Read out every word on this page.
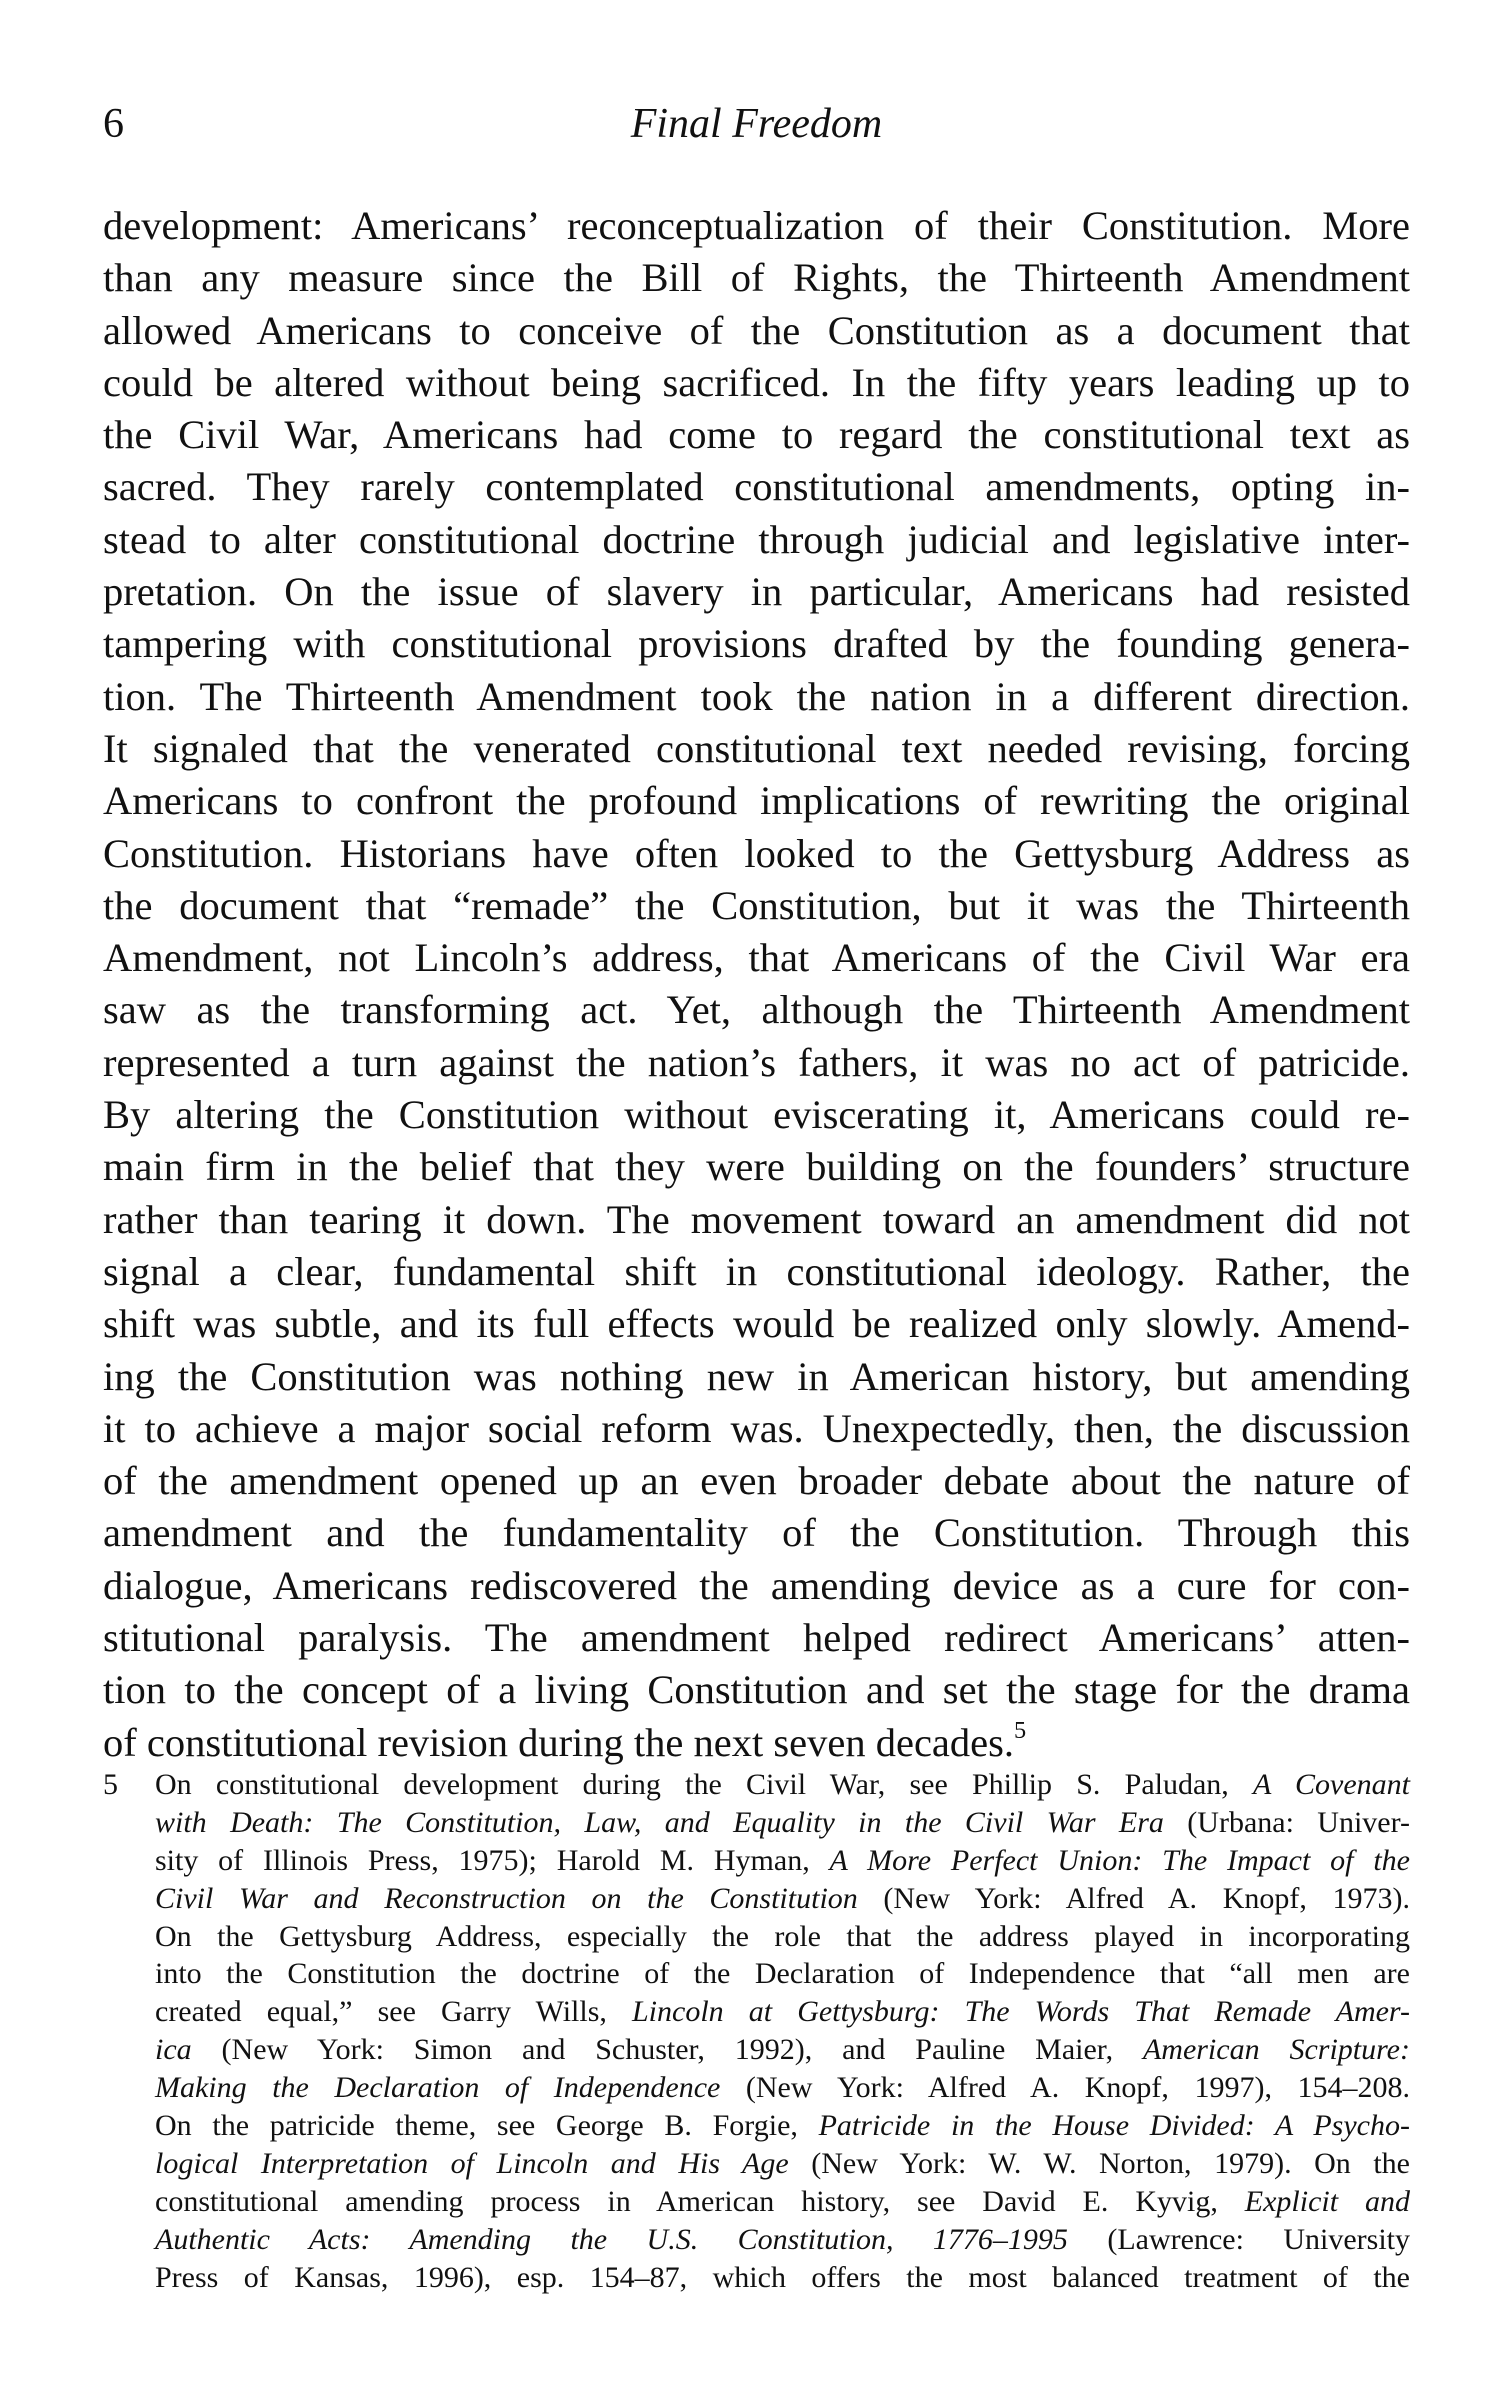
6	Final Freedom
development: Americans’ reconceptualization of their Constitution. More
than any measure since the Bill of Rights, the Thirteenth Amendment
allowed Americans to conceive of the Constitution as a document that
could be altered without being sacrificed. In the fifty years leading up to
the Civil War, Americans had come to regard the constitutional text as
sacred. They rarely contemplated constitutional amendments, opting in-
stead to alter constitutional doctrine through judicial and legislative inter-
pretation. On the issue of slavery in particular, Americans had resisted
tampering with constitutional provisions drafted by the founding genera-
tion. The Thirteenth Amendment took the nation in a different direction.
It signaled that the venerated constitutional text needed revising, forcing
Americans to confront the profound implications of rewriting the original
Constitution. Historians have often looked to the Gettysburg Address as
the document that “remade” the Constitution, but it was the Thirteenth
Amendment, not Lincoln’s address, that Americans of the Civil War era
saw as the transforming act. Yet, although the Thirteenth Amendment
represented a turn against the nation’s fathers, it was no act of patricide.
By altering the Constitution without eviscerating it, Americans could re-
main firm in the belief that they were building on the founders’ structure
rather than tearing it down. The movement toward an amendment did not
signal a clear, fundamental shift in constitutional ideology. Rather, the
shift was subtle, and its full effects would be realized only slowly. Amend-
ing the Constitution was nothing new in American history, but amending
it to achieve a major social reform was. Unexpectedly, then, the discussion
of the amendment opened up an even broader debate about the nature of
amendment and the fundamentality of the Constitution. Through this
dialogue, Americans rediscovered the amending device as a cure for con-
stitutional paralysis. The amendment helped redirect Americans’ atten-
tion to the concept of a living Constitution and set the stage for the drama
of constitutional revision during the next seven decades.$^5$
5 On constitutional development during the Civil War, see Phillip S. Paludan, A Covenant
with Death: The Constitution, Law, and Equality in the Civil War Era (Urbana: Univer-
sity of Illinois Press, 1975); Harold M. Hyman, A More Perfect Union: The Impact of the
Civil War and Reconstruction on the Constitution (New York: Alfred A. Knopf, 1973).
On the Gettysburg Address, especially the role that the address played in incorporating
into the Constitution the doctrine of the Declaration of Independence that “all men are
created equal,” see Garry Wills, Lincoln at Gettysburg: The Words That Remade Amer-
ica (New York: Simon and Schuster, 1992), and Pauline Maier, American Scripture:
Making the Declaration of Independence (New York: Alfred A. Knopf, 1997), 154–208.
On the patricide theme, see George B. Forgie, Patricide in the House Divided: A Psycho-
logical Interpretation of Lincoln and His Age (New York: W. W. Norton, 1979). On the
constitutional amending process in American history, see David E. Kyvig, Explicit and
Authentic Acts: Amending the U.S. Constitution, 1776–1995 (Lawrence: University
Press of Kansas, 1996), esp. 154–87, which offers the most balanced treatment of the
